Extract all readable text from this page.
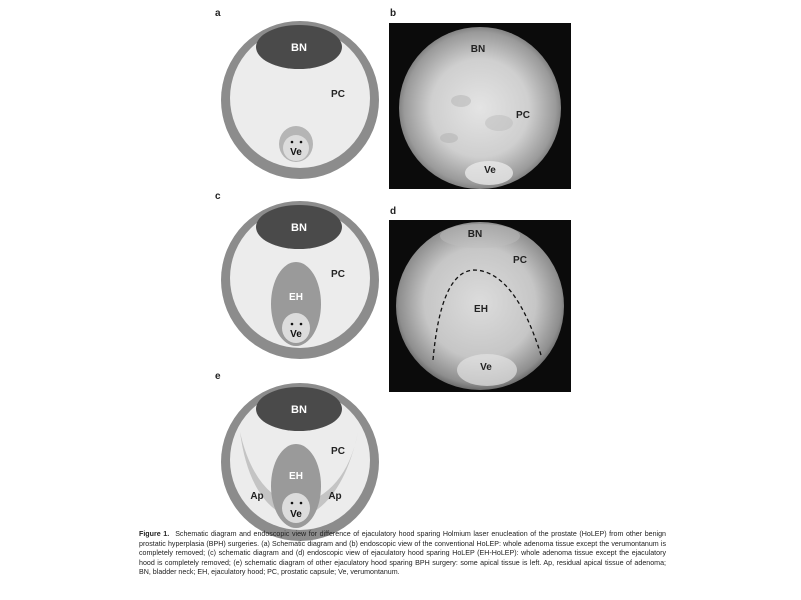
a	b
c
d
e
BN
PC
Ve
BN
PC
Ve
BN
PC
EH
Ve
BN
PC
EH
Ve
BN
PC
EH
Ap	Ap
Ve
Figure 1. Schematic diagram and endoscopic view for difference of ejaculatory hood sparing Holmium laser enucleation of the prostate (HoLEP) from other benign prostatic hyperplasia (BPH) surgeries. (a) Schematic diagram and (b) endoscopic view of the conventional HoLEP: whole adenoma tissue except the verumontanum is completely removed; (c) schematic diagram and (d) endoscopic view of ejaculatory hood sparing HoLEP (EH-HoLEP): whole adenoma tissue except the ejaculatory hood is completely removed; (e) schematic diagram of other ejaculatory hood sparing BPH surgery: some apical tissue is left. Ap, residual apical tissue of adenoma; BN, bladder neck; EH, ejaculatory hood; PC, prostatic capsule; Ve, verumontanum.
